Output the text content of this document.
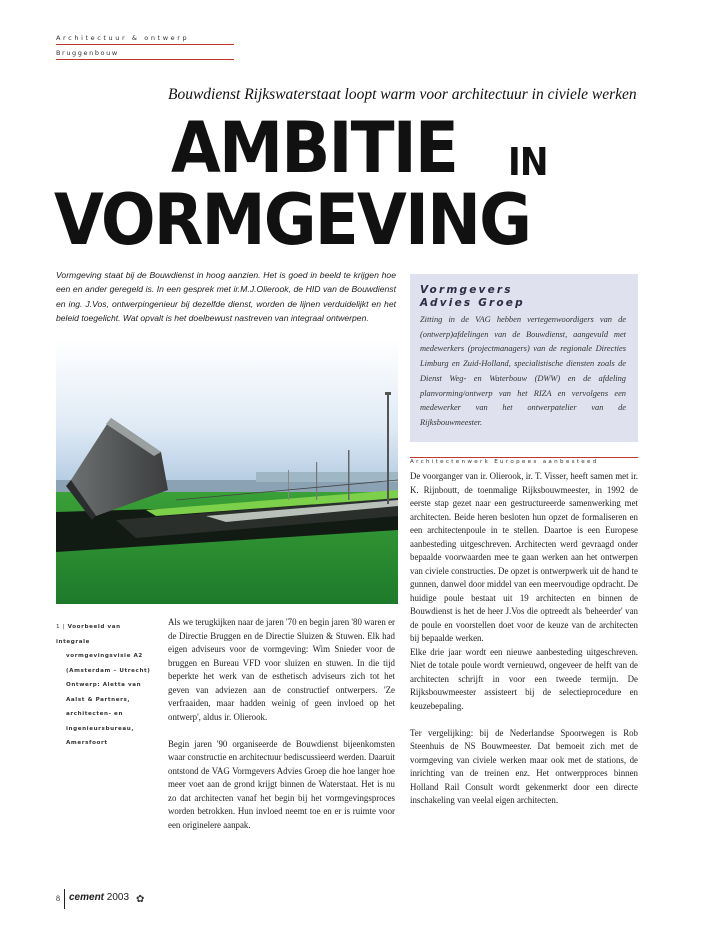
Architectuur & ontwerp
Bruggenbouw
Bouwdienst Rijkswaterstaat loopt warm voor architectuur in civiele werken
AMBITIE IN
VORMGEVING
Vormgeving staat bij de Bouwdienst in hoog aanzien. Het is goed in beeld te krijgen hoe een en ander geregeld is. In een gesprek met ir.M.J.Olierook, de HID van de Bouwdienst en ing. J.Vos, ontwerpingenieur bij dezelfde dienst, worden de lijnen verduidelijkt en het beleid toegelicht. Wat opvalt is het doelbewust nastreven van integraal ontwerpen.
Vormgevers
Advies Groep
Zitting in de VAG hebben vertegenwoordigers van de (ontwerp)afdelingen van de Bouwdienst, aangevuld met medewerkers (projectmanagers) van de regionale Directies Limburg en Zuid-Holland, specialistische diensten zoals de Dienst Weg- en Waterbouw (DWW) en de afdeling planvorming/ontwerp van het RIZA en vervolgens een medewerker van het ontwerpatelier van de Rijksbouwmeester.
1 | Voorbeeld van integrale
vormgevingsvisie A2
(Amsterdam – Utrecht)
Ontwerp: Aletta van
Aalst & Partners,
architecten- en
ingenieursbureau,
Amersfoort

Als we terugkijken naar de jaren '70 en begin jaren '80 waren er de Directie Bruggen en de Directie Sluizen & Stuwen. Elk had eigen adviseurs voor de vormgeving: Wim Snieder voor de bruggen en Bureau VFD voor sluizen en stuwen. In die tijd beperkte het werk van de esthetisch adviseurs zich tot het geven van adviezen aan de constructief ontwerpers. 'Ze verfraaiden, maar hadden weinig of geen invloed op het ontwerp', aldus ir. Olierook.

Begin jaren '90 organiseerde de Bouwdienst bijeenkomsten waar constructie en architectuur bediscussieerd werden. Daaruit ontstond de VAG Vormgevers Advies Groep die hoe langer hoe meer voet aan de grond krijgt binnen de Waterstaat. Het is nu zo dat architecten vanaf het begin bij het vormgevingsproces worden betrokken. Hun invloed neemt toe en er is ruimte voor een originelere aanpak.

Architectenwerk Europees aanbesteed

De voorganger van ir. Olierook, ir. T. Visser, heeft samen met ir. K. Rijnboutt, de toenmalige Rijksbouwmeester, in 1992 de eerste stap gezet naar een gestructureerde samenwerking met architecten. Beide heren besloten hun opzet de formaliseren en een architectenpoule in te stellen. Daartoe is een Europese aanbesteding uitgeschreven. Architecten werd gevraagd onder bepaalde voorwaarden mee te gaan werken aan het ontwerpen van civiele constructies. De opzet is ontwerpwerk uit de hand te gunnen, danwel door middel van een meervoudige opdracht. De huidige poule bestaat uit 19 architecten en binnen de Bouwdienst is het de heer J.Vos die optreedt als 'beheerder' van de poule en voorstellen doet voor de keuze van de architecten bij bepaalde werken.

Elke drie jaar wordt een nieuwe aanbesteding uitgeschreven. Niet de totale poule wordt vernieuwd, ongeveer de helft van de architecten schrijft in voor een tweede termijn. De Rijksbouwmeester assisteert bij de selectieprocedure en keuzebepaling.

Ter vergelijking: bij de Nederlandse Spoorwegen is Rob Steenhuis de NS Bouwmeester. Dat bemoeit zich met de vormgeving van civiele werken maar ook met de stations, de inrichting van de treinen enz. Het ontwerpproces binnen Holland Rail Consult wordt gekenmerkt door een directe inschakeling van veelal eigen architecten.

8 cement 2003 ✿
